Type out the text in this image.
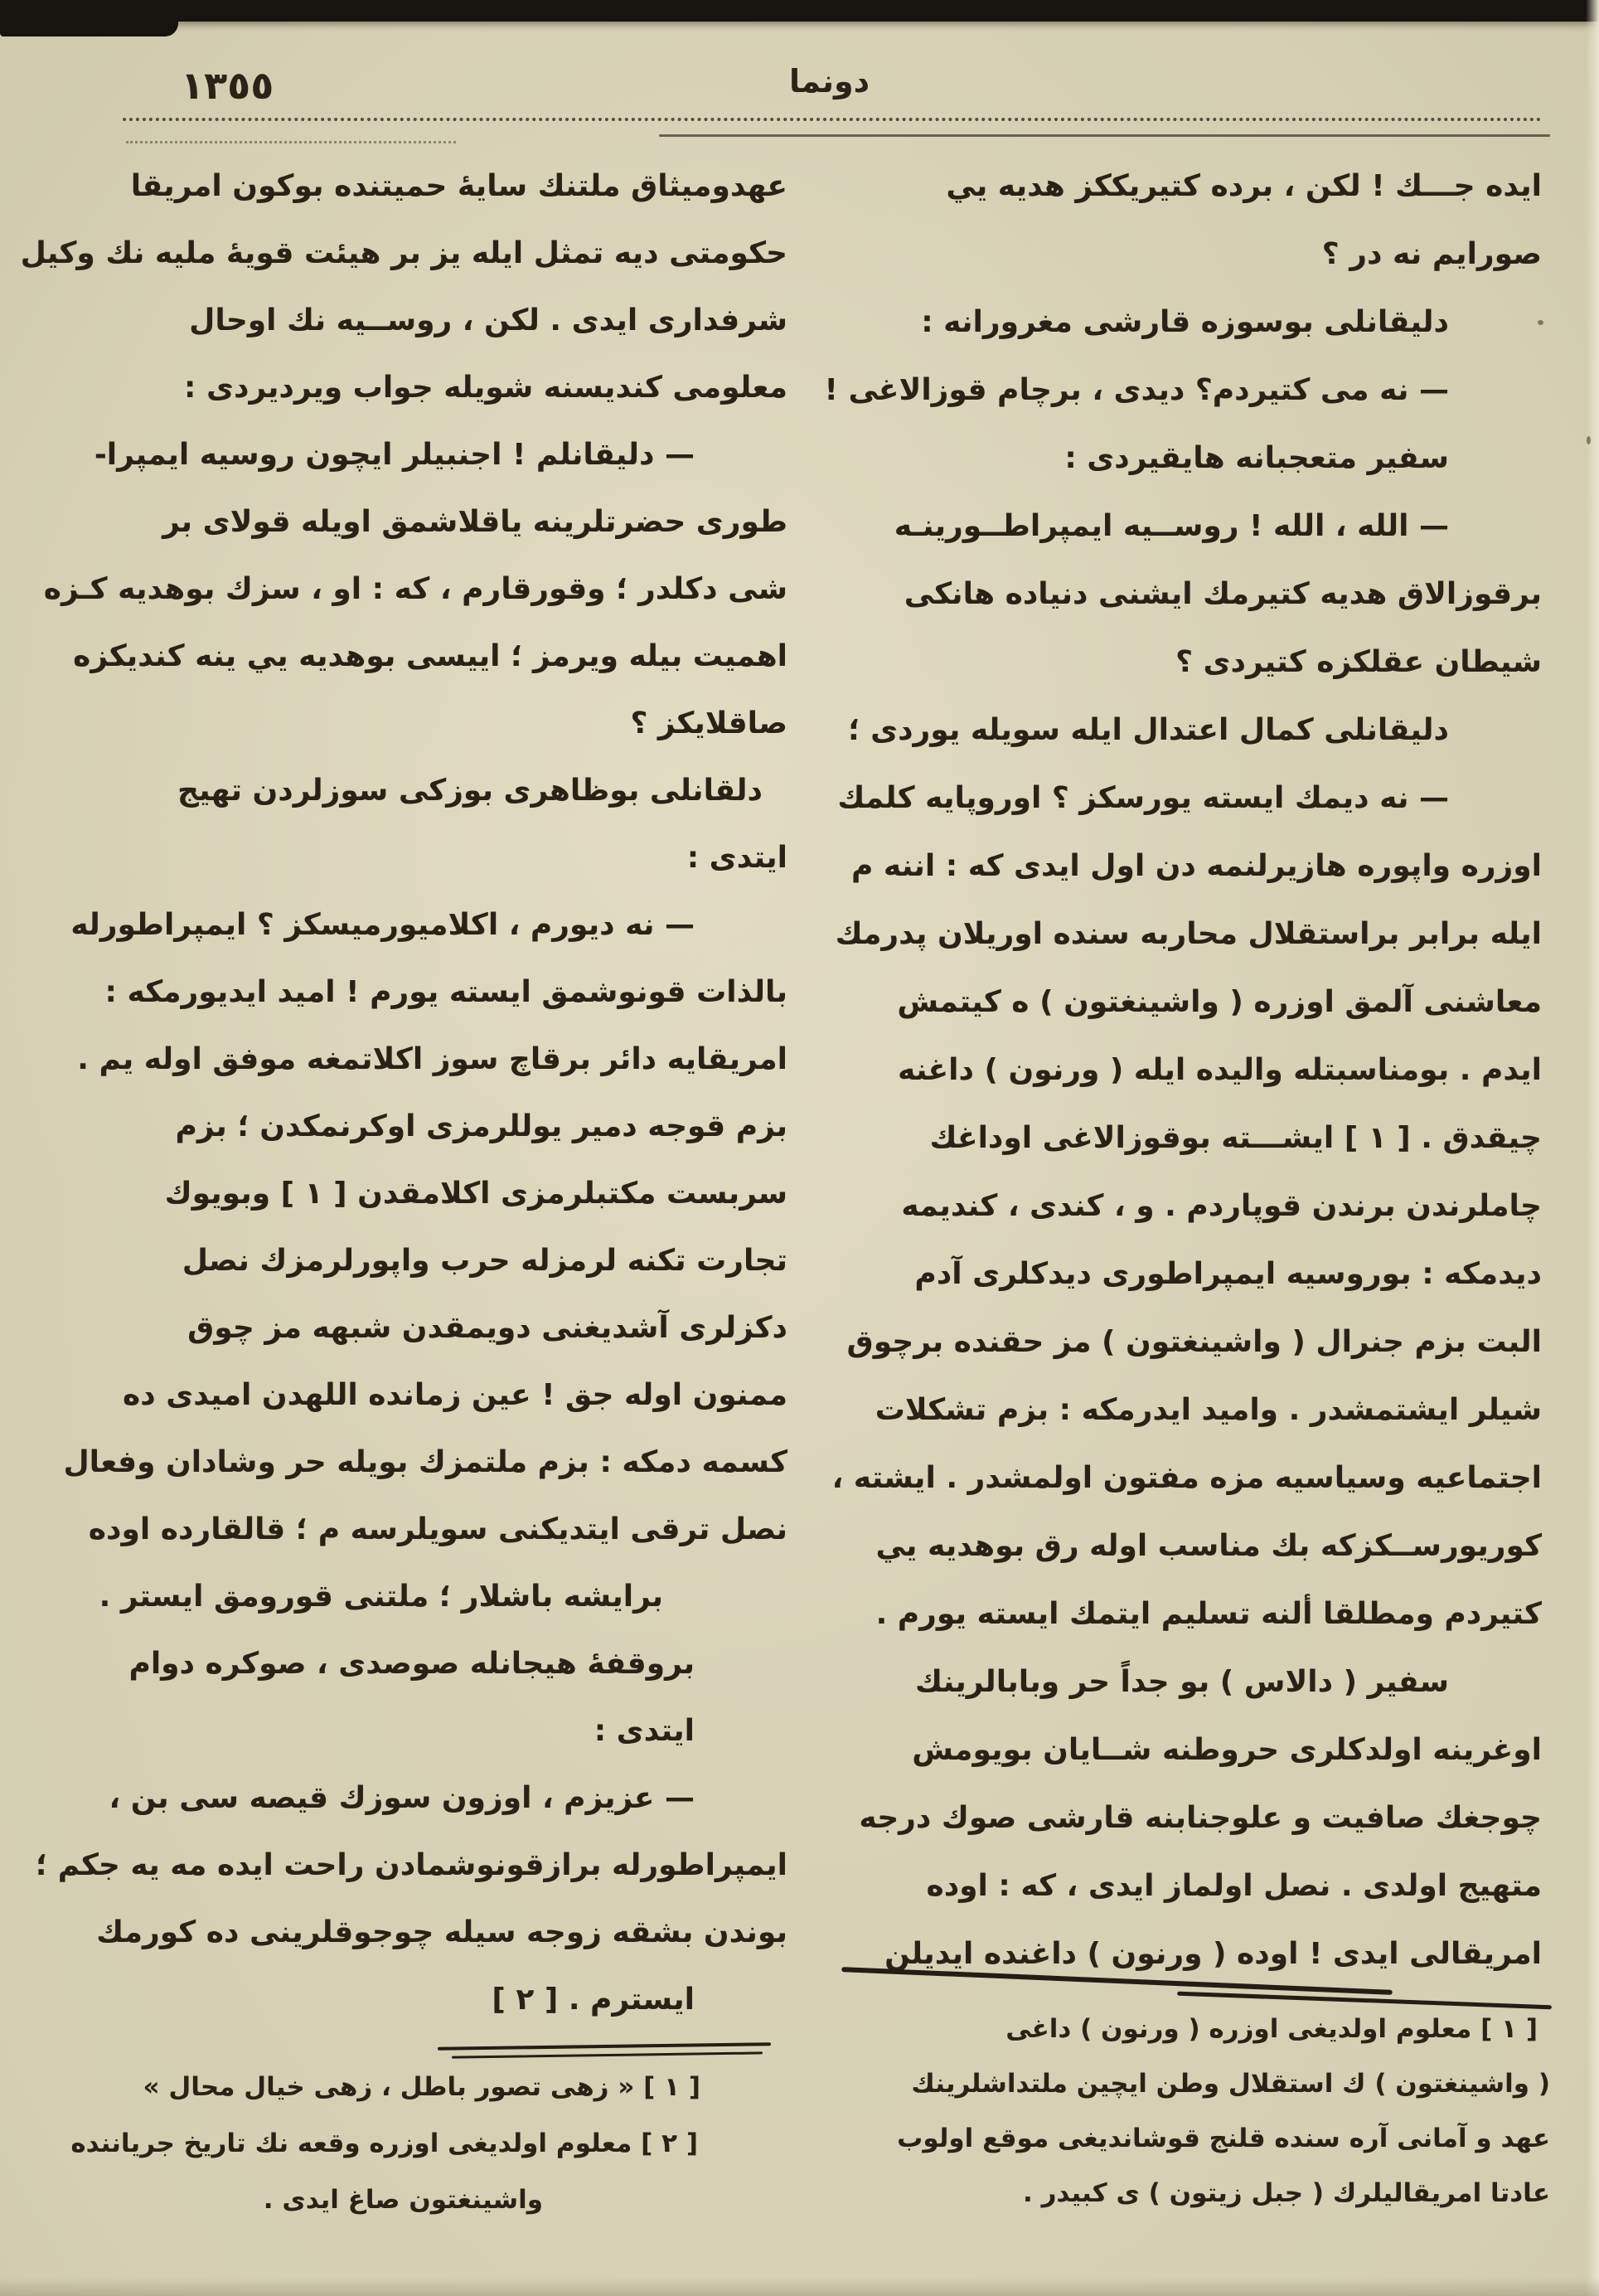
١٣٥٥	دونما
ايده جـــك ! لكن ، برده كتيريككز هديه يي
صورايم نه در ؟
دليقانلى بوسوزه قارشى مغرورانه :
— نه مى كتيردم؟ ديدى ، برچام قوزالاغى !
سفير متعجبانه هايقيردى :
— الله ، الله ! روســيه ايمپراطــورينـه
برقوزالاق هديه كتيرمك ايشنى دنياده هانكى
شيطان عقلكزه كتيردى ؟
دليقانلى كمال اعتدال ايله سويله يوردى ؛
— نه ديمك ايسته يورسكز ؟ اوروپايه كلمك
اوزره واپوره هازيرلنمه دن اول ايدى كه : اننه م
ايله برابر براستقلال محاربه سنده اوريلان پدرمك
معاشنى آلمق اوزره ( واشينغتون ) ه كيتمش
ايدم . بومناسبتله واليده ايله ( ورنون ) داغنه
چيقدق . [ ١ ] ايشـــته بوقوزالاغى اوداغك
چاملرندن برندن قوپاردم . و ، كندى ، كنديمه
ديدمكه : بوروسيه ايمپراطورى ديدكلرى آدم
البت بزم جنرال ( واشينغتون ) مز حقنده برچوق
شيلر ايشتمشدر . واميد ايدرمكه : بزم تشكلات
اجتماعيه وسياسيه مزه مفتون اولمشدر . ايشته ،
كوريورســكزكه بك مناسب اوله رق بوهديه يي
كتيردم ومطلقا ألنه تسليم ايتمك ايسته يورم .
سفير ( دالاس ) بو جداً حر وبابالرينك
اوغرينه اولدكلرى حروطنه شــايان بويومش
چوجغك صافيت و علوجنابنه قارشى صوك درجه
متهيج اولدى . نصل اولماز ايدى ، كه : اوده
امريقالى ايدى ! اوده ( ورنون ) داغنده ايديلن
عهدوميثاق ملتنك سايهٔ حميتنده بوكون امريقا
حكومتى ديه تمثل ايله يز بر هيئت قويهٔ مليه نك وكيل
شرفدارى ايدى . لكن ، روســيه نك اوحال
معلومى كنديسنه شويله جواب ويرديردى :
— دليقانلم ! اجنبيلر ايچون روسيه ايمپرا-
طورى حضرتلرينه ياقلاشمق اويله قولاى بر
شى دكلدر ؛ وقورقارم ، كه : او ، سزك بوهديه كـزه
اهميت بيله ويرمز ؛ اييسى بوهديه يي ينه كنديكزه
صاقلايكز ؟
دلقانلى بوظاهرى بوزكى سوزلردن تهيج
ايتدى :
— نه ديورم ، اكلاميورميسكز ؟ ايمپراطورله
بالذات قونوشمق ايسته يورم ! اميد ايديورمكه :
امريقايه دائر برقاچ سوز اكلاتمغه موفق اوله يم .
بزم قوجه دمير يوللرمزى اوكرنمكدن ؛ بزم
سربست مكتبلرمزى اكلامقدن [ ١ ] وبويوك
تجارت تكنه لرمزله حرب واپورلرمزك نصل
دكزلرى آشديغنى دويمقدن شبهه مز چوق
ممنون اوله جق ! عين زمانده اللهدن اميدى ده
كسمه دمكه : بزم ملتمزك بويله حر وشادان وفعال
نصل ترقى ايتديكنى سويلرسه م ؛ قالقارده اوده
برايشه باشلار ؛ ملتنى قورومق ايستر .
بروقفهٔ هيجانله صوصدى ، صوكره دوام
ايتدى :
— عزيزم ، اوزون سوزك قيصه سى بن ،
ايمپراطورله برازقونوشمادن راحت ايده مه يه جكم ؛
بوندن بشقه زوجه سيله چوجوقلرينى ده كورمك
ايسترم . [ ٢ ]
[ ١ ] معلوم اولديغى اوزره ( ورنون ) داغى
( واشينغتون ) ك استقلال وطن ايچين ملتداشلرينك
عهد و آمانى آره سنده قلنج قوشانديغى موقع اولوب
عادتا امريقاليلرك ( جبل زيتون ) ى كبيدر .
[ ١ ] « زهى تصور باطل ، زهى خيال محال »
[ ٢ ] معلوم اولديغى اوزره وقعه نك تاريخ جرياننده
واشينغتون صاغ ايدى .
